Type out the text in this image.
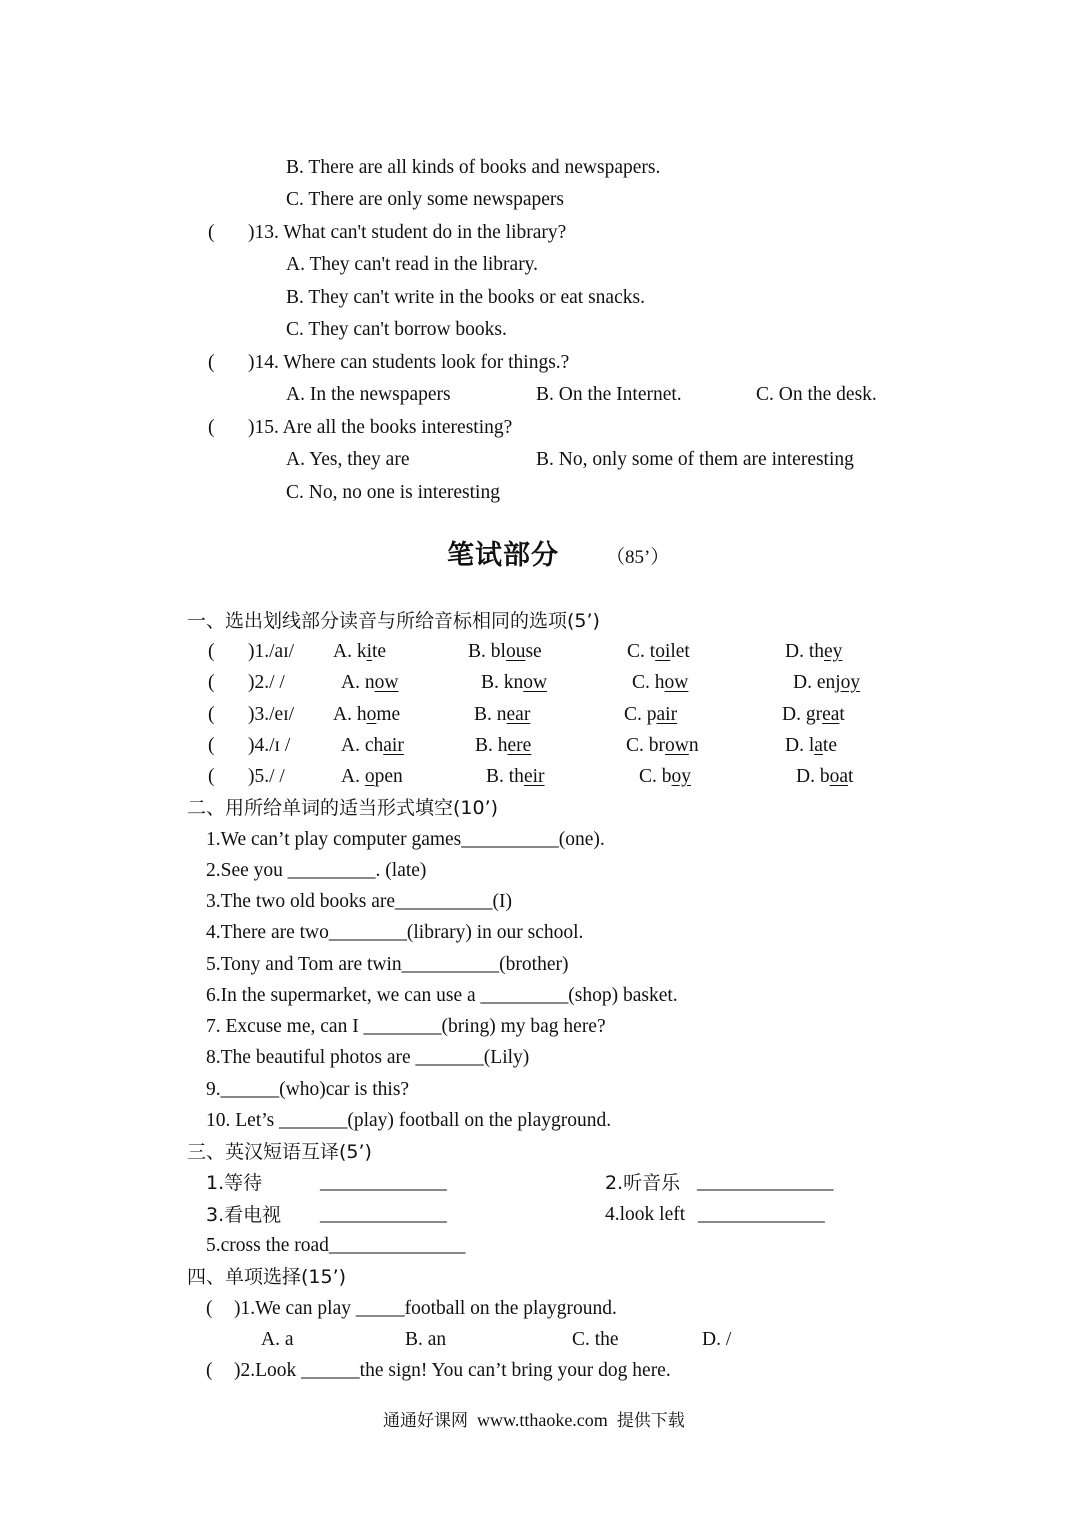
B. There are all kinds of books and newspapers.
C. There are only some newspapers
( )13. What can't student do in the library?
A. They can't read in the library.
B. They can't write in the books or eat snacks.
C. They can't borrow books.
( )14. Where can students look for things.?
A. In the newspapers	B. On the Internet.	C. On the desk.
( )15. Are all the books interesting?
A. Yes, they are	B. No, only some of them are interesting
C. No, no one is interesting
笔试部分 （85’）
一、选出划线部分读音与所给音标相同的选项(5’)
( )1./aɪ/ A. kite	B. blouse	C. toilet	D. they
( )2./ /	A. now	B. know	C. how	D. enjoy
( )3./eɪ/ A. home	B. near	C. pair	D. great
( )4./ɪ /	A. chair	B. here	C. brown	D. late
( )5./ /	A. open	B. their	C. boy	D. boat
二、用所给单词的适当形式填空(10’)
1.We can’t play computer games__________(one).
2.See you _________. (late)
3.The two old books are__________(I)
4.There are two________(library) in our school.
5.Tony and Tom are twin__________(brother)
6.In the supermarket, we can use a _________(shop) basket.
7. Excuse me, can I ________(bring) my bag here?
8.The beautiful photos are _______(Lily)
9.______(who)car is this?
10. Let’s _______(play) football on the playground.
三、英汉短语互译(5’)
1.等待	_____________	2.听音乐 ______________
3.看电视 _____________	4.look left _____________
5.cross the road______________
四、单项选择(15’)
( )1.We can play _____football on the playground.
A. a	B. an	C. the	D. /
( )2.Look ______the sign! You can’t bring your dog here.
通通好课网 www.tthaoke.com 提供下载
